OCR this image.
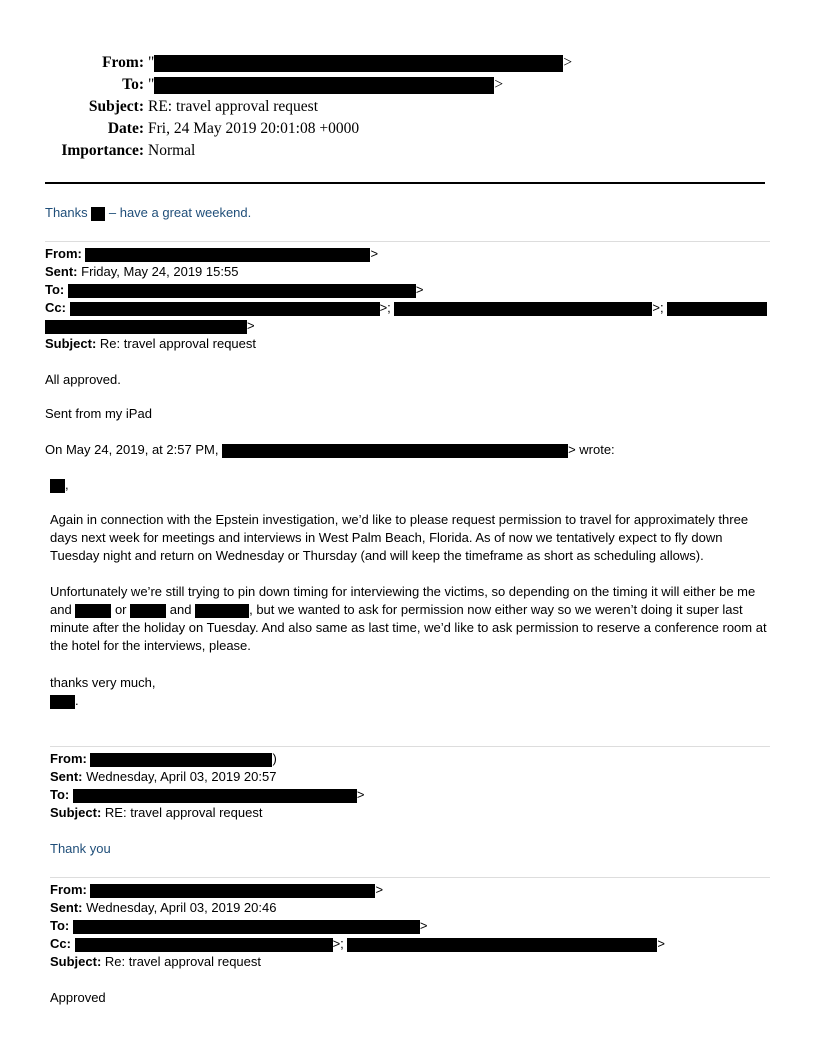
From: "	>
To: "	>
Subject: RE: travel approval request
Date: Fri, 24 May 2019 20:01:08 +0000
Importance: Normal
Thanks  – have a great weekend.
From:	>
Sent: Friday, May 24, 2019 15:55
To:	>
Cc:	>;	>;
>
Subject: Re: travel approval request
All approved.
Sent from my iPad
On May 24, 2019, at 2:57 PM,	> wrote:
,
Again in connection with the Epstein investigation, we’d like to please request permission to travel for approximately three days next week for meetings and interviews in West Palm Beach, Florida. As of now we tentatively expect to fly down Tuesday night and return on Wednesday or Thursday (and will keep the timeframe as short as scheduling allows).
Unfortunately we’re still trying to pin down timing for interviewing the victims, so depending on the timing it will either be me and	or	and	, but we wanted to ask for permission now either way so we weren’t doing it super last minute after the holiday on Tuesday. And also same as last time, we’d like to ask permission to reserve a conference room at the hotel for the interviews, please.
thanks very much,
.
From:	)
Sent: Wednesday, April 03, 2019 20:57
To:	>
Subject: RE: travel approval request
Thank you
From:	>
Sent: Wednesday, April 03, 2019 20:46
To:	>
Cc:	>;	>
Subject: Re: travel approval request
Approved
